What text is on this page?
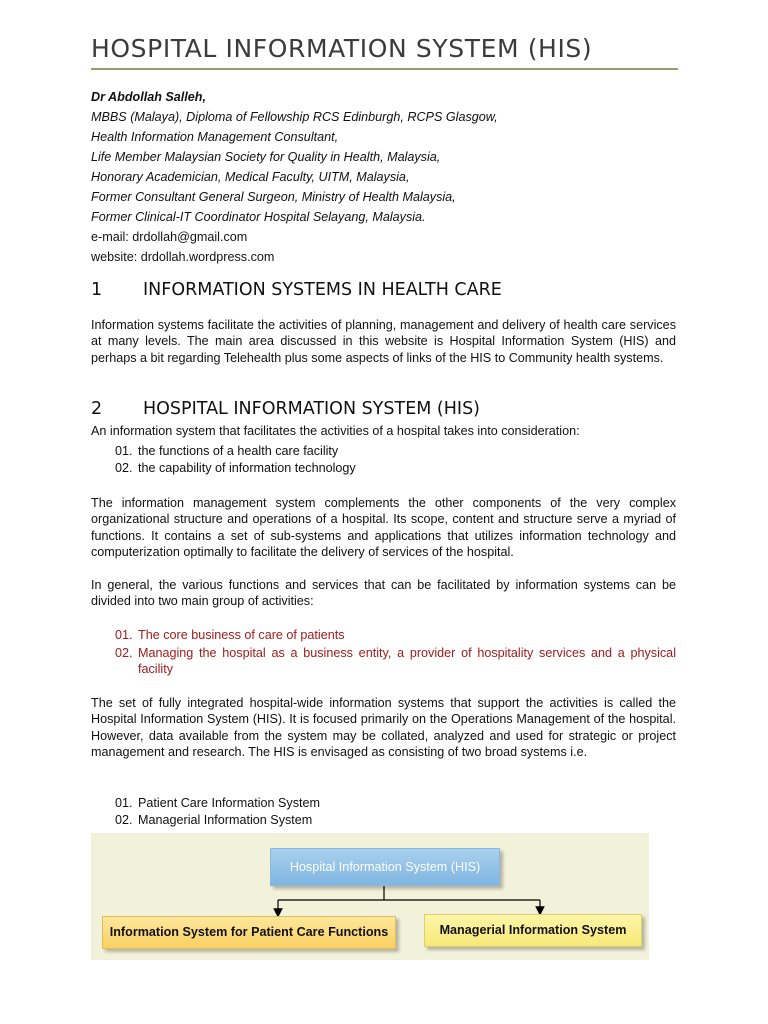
HOSPITAL INFORMATION SYSTEM (HIS)
Dr Abdollah Salleh,
MBBS (Malaya), Diploma of Fellowship RCS Edinburgh, RCPS Glasgow,
Health Information Management Consultant,
Life Member Malaysian Society for Quality in Health, Malaysia,
Honorary Academician, Medical Faculty, UITM, Malaysia,
Former Consultant General Surgeon, Ministry of Health Malaysia,
Former Clinical-IT Coordinator Hospital Selayang, Malaysia.
e-mail: drdollah@gmail.com
website: drdollah.wordpress.com
1 INFORMATION SYSTEMS IN HEALTH CARE

Information systems facilitate the activities of planning, management and delivery of health care services at many levels. The main area discussed in this website is Hospital Information System (HIS) and perhaps a bit regarding Telehealth plus some aspects of links of the HIS to Community health systems.

2 HOSPITAL INFORMATION SYSTEM (HIS)

An information system that facilitates the activities of a hospital takes into consideration:

01. the functions of a health care facility
02. the capability of information technology

The information management system complements the other components of the very complex organizational structure and operations of a hospital. Its scope, content and structure serve a myriad of functions. It contains a set of sub-systems and applications that utilizes information technology and computerization optimally to facilitate the delivery of services of the hospital.

In general, the various functions and services that can be facilitated by information systems can be divided into two main group of activities:

01. The core business of care of patients
02. Managing the hospital as a business entity, a provider of hospitality services and a physical facility

The set of fully integrated hospital-wide information systems that support the activities is called the Hospital Information System (HIS). It is focused primarily on the Operations Management of the hospital. However, data available from the system may be collated, analyzed and used for strategic or project management and research. The HIS is envisaged as consisting of two broad systems i.e.

01. Patient Care Information System
02. Managerial Information System
Hospital Information System (HIS)
Information System for Patient Care Functions	Managerial Information System
